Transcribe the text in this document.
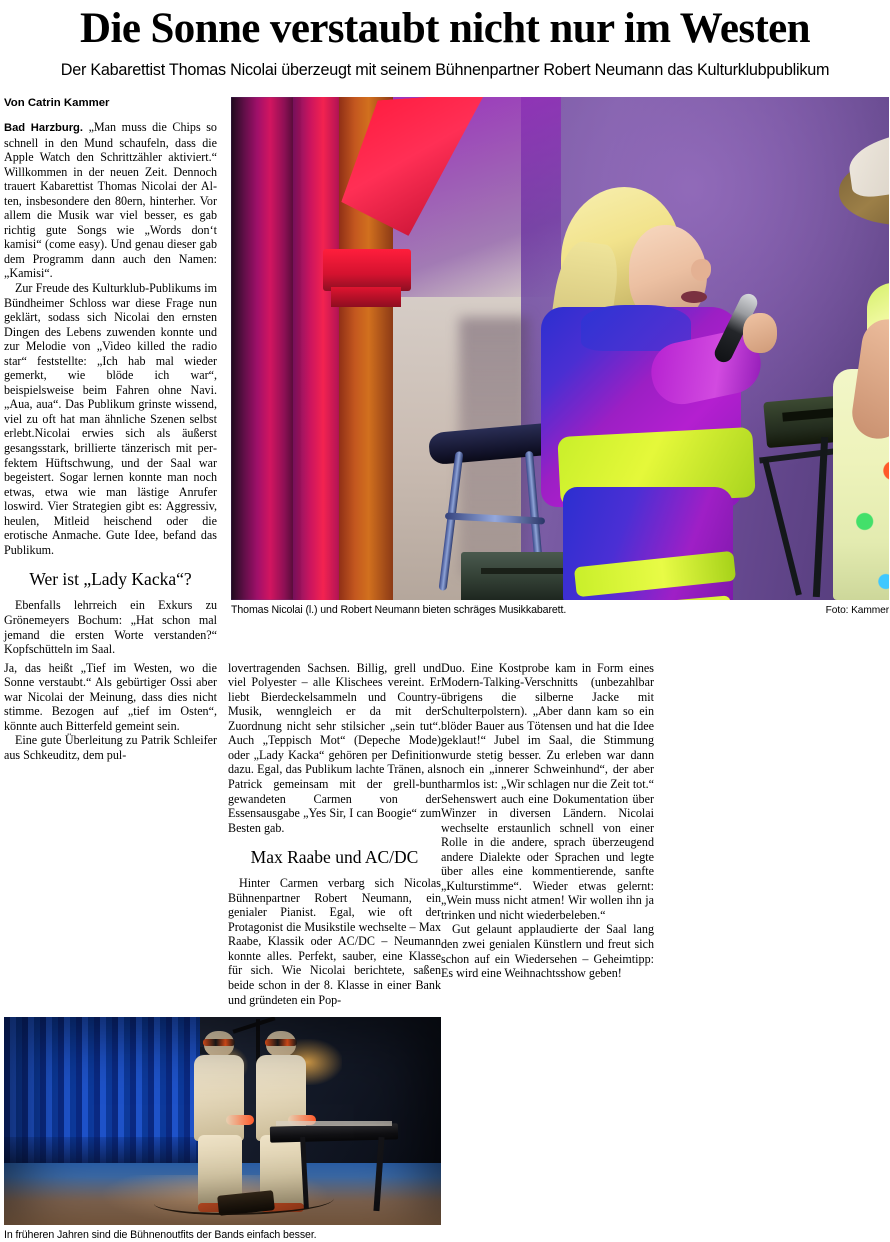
Die Sonne verstaubt nicht nur im Westen
Der Kabarettist Thomas Nicolai überzeugt mit seinem Bühnenpartner Robert Neumann das Kulturklubpublikum
Von Catrin Kammer

Bad Harzburg. „Man muss die Chips so schnell in den Mund schaufeln, dass die Apple Watch den Schrittzähler aktiviert.“ Willkommen in der neuen Zeit. Dennoch trauert Kabarettist Thomas Nicolai der Alten, insbesondere den 80ern, hinterher. Vor allem die Musik war viel besser, es gab richtig gute Songs wie „Words don‘t kamisi“ (come easy). Und genau dieser gab dem Programm dann auch den Namen: „Kamisi“.

Zur Freude des Kulturklub-Publikums im Bündheimer Schloss war diese Frage nun geklärt, sodass sich Nicolai den ernsten Dingen des Lebens zuwenden konnte und zur Melodie von „Video killed the radio star“ feststellte: „Ich hab mal wieder gemerkt, wie blöde ich war“, beispielsweise beim Fahren ohne Navi. „Aua, aua“. Das Publikum grinste wissend, viel zu oft hat man ähnliche Szenen selbst erlebt.Nicolai erwies sich als äußerst gesangsstark, brillierte tänzerisch mit perfektem Hüftschwung, und der Saal war begeistert. Sogar lernen konnte man noch etwas, etwa wie man lästige Anrufer loswird. Vier Strategien gibt es: Aggressiv, heulen, Mitleid heischend oder die erotische Anmache. Gute Idee, befand das Publikum.

Wer ist „Lady Kacka“?

Ebenfalls lehrreich ein Exkurs zu Grönemeyers Bochum: „Hat schon mal jemand die ersten Worte verstanden?“ Kopfschütteln im Saal.

Thomas Nicolai (l.) und Robert Neumann bieten schräges Musikkabarett.	Foto: Kammer

Ja, das heißt „Tief im Westen, wo die Sonne verstaubt.“ Als gebürtiger Ossi aber war Nicolai der Meinung, dass dies nicht stimme. Bezogen auf „tief im Osten“, könnte auch Bitterfeld gemeint sein.

Eine gute Überleitung zu Patrik Schleifer aus Schkeuditz, dem pul-

lovertragenden Sachsen. Billig, grell und viel Polyester – alle Klischees vereint. Er liebt Bierdeckelsammeln und Country-Musik, wenngleich er da mit der Zuordnung nicht sehr stilsicher „sein tut“. Auch „Teppisch Mot“ (Depeche Mode) oder „Lady Kacka“ gehören per Definition dazu. Egal, das Publikum lachte Tränen, als Patrick gemeinsam mit der grell-bunt gewandeten Carmen von der Essensausgabe „Yes Sir, I can Boogie“ zum Besten gab.

Max Raabe und AC/DC

Hinter Carmen verbarg sich Nicolas Bühnenpartner Robert Neumann, ein genialer Pianist. Egal, wie oft der Protagonist die Musikstile wechselte – Max Raabe, Klassik oder AC/DC – Neumann konnte alles. Perfekt, sauber, eine Klasse für sich. Wie Nicolai berichtete, saßen beide schon in der 8. Klasse in einer Bank und gründeten ein Pop-

In früheren Jahren sind die Bühnenoutfits der Bands einfach besser.

Duo. Eine Kostprobe kam in Form eines Modern-Talking-Verschnitts (unbezahlbar übrigens die silberne Jacke mit Schulterpolstern). „Aber dann kam so ein blöder Bauer aus Tötensen und hat die Idee geklaut!“ Jubel im Saal, die Stimmung wurde stetig besser. Zu erleben war dann noch ein „innerer Schweinhund“, der aber harmlos ist: „Wir schlagen nur die Zeit tot.“ Sehenswert auch eine Dokumentation über Winzer in diversen Ländern. Nicolai wechselte erstaunlich schnell von einer Rolle in die andere, sprach überzeugend andere Dialekte oder Sprachen und legte über alles eine kommentierende, sanfte „Kulturstimme“. Wieder etwas gelernt: „Wein muss nicht atmen! Wir wollen ihn ja trinken und nicht wiederbeleben.“

Gut gelaunt applaudierte der Saal lang den zwei genialen Künstlern und freut sich schon auf ein Wiedersehen – Geheimtipp: Es wird eine Weihnachtsshow geben!
